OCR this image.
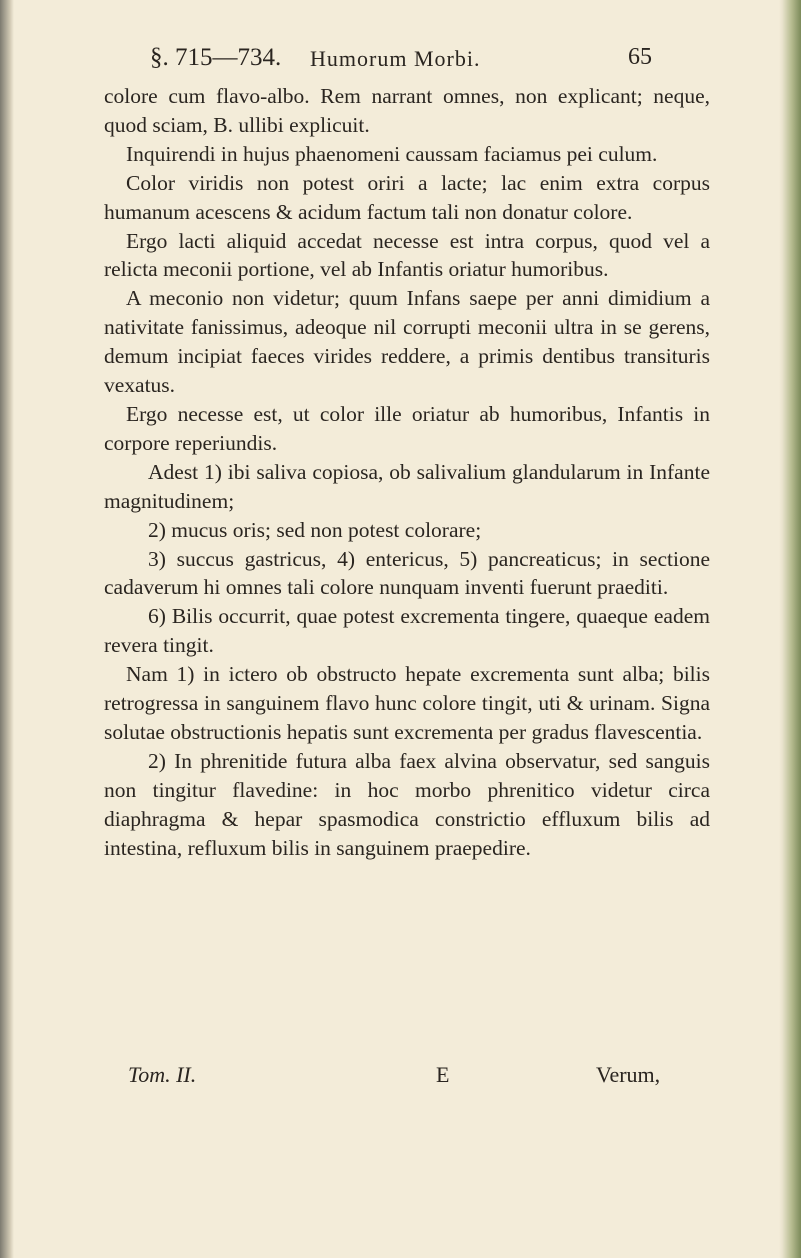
§. 715—734. Humorum Morbi.	65

colore cum flavo-albo. Rem narrant omnes, non explicant; neque, quod sciam, B. ullibi explicuit.

Inquirendi in hujus phaenomeni caussam faciamus pei culum.

Color viridis non potest oriri a lacte; lac enim extra corpus humanum acescens & acidum factum tali non donatur colore.

Ergo lacti aliquid accedat necesse est intra corpus, quod vel a relicta meconii portione, vel ab Infantis oriatur humoribus.

A meconio non videtur; quum Infans saepe per anni dimidium a nativitate fanissimus, adeoque nil corrupti meconii ultra in se gerens, demum incipiat faeces virides reddere, a primis dentibus transituris vexatus.

Ergo necesse est, ut color ille oriatur ab humoribus, Infantis in corpore reperiundis.

Adest 1) ibi saliva copiosa, ob salivalium glandularum in Infante magnitudinem;

2) mucus oris; sed non potest colorare;

3) succus gastricus, 4) entericus, 5) pancreaticus; in sectione cadaverum hi omnes tali colore nunquam inventi fuerunt praediti.

6) Bilis occurrit, quae potest excrementa tingere, quaeque eadem revera tingit.

Nam 1) in ictero ob obstructo hepate excrementa sunt alba; bilis retrogressa in sanguinem flavo hunc colore tingit, uti & urinam. Signa solutae obstructionis hepatis sunt excrementa per gradus flavescentia.

2) In phrenitide futura alba faex alvina observatur, sed sanguis non tingitur flavedine: in hoc morbo phrenitico videtur circa diaphragma & hepar spasmodica constrictio effluxum bilis ad intestina, refluxum bilis in sanguinem praepedire.

Tom. II.	E	Verum,
